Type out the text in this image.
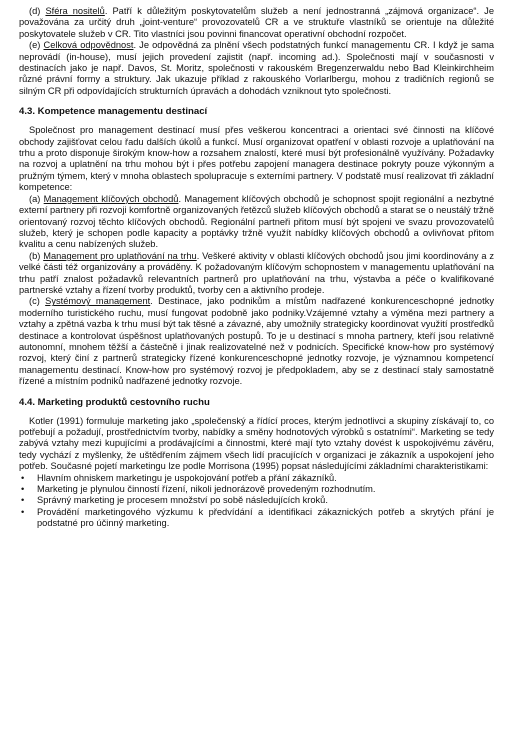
(d) Sféra nositelů. Patří k důležitým poskytovatelům služeb a není jednostranná „zájmová organizace“. Je považována za určitý druh „joint-venture“ provozovatelů CR a ve struktuře vlastníků se orientuje na důležité poskytovatele služeb v CR. Tito vlastníci jsou povinni financovat operativní obchodní rozpočet.

(e) Celková odpovědnost. Je odpovědná za plnění všech podstatných funkcí managementu CR. I když je sama neprovádí (in-house), musí jejich provedení zajistit (např. incoming ad.). Společnosti mají v současnosti v destinacích jako je např. Davos, St. Moritz, společnosti v rakouském Bregenzerwaldu nebo Bad Kleinkirchheim různé právní formy a struktury. Jak ukazuje příklad z rakouského Vorlarlbergu, mohou z tradičních regionů se silným CR při odpovídajících strukturních úpravách a dohodách vzniknout tyto společnosti.

4.3. Kompetence managementu destinací

Společnost pro management destinací musí přes veškerou koncentraci a orientaci své činnosti na klíčové obchody zajišťovat celou řadu dalších úkolů a funkcí. Musí organizovat opatření v oblasti rozvoje a uplatňování na trhu a proto disponuje širokým know-how a rozsahem znalostí, které musí být profesionálně využívány. Požadavky na rozvoj a uplatnění na trhu mohou být i přes potřebu zapojení managera destinace pokryty pouze výkonným a pružným týmem, který v mnoha oblastech spolupracuje s externími partnery. V podstatě musí realizovat tři základní kompetence:

(a) Management klíčových obchodů. Management klíčových obchodů je schopnost spojit regionální a nezbytné externí partnery při rozvoji komfortně organizovaných řetězců služeb klíčových obchodů a starat se o neustálý tržně orientovaný rozvoj těchto klíčových obchodů. Regionální partneři přitom musí být spojeni ve svazu provozovatelů služeb, který je schopen podle kapacity a poptávky tržně využít nabídky klíčových obchodů a ovlivňovat přitom kvalitu a cenu nabízených služeb.

(b) Management pro uplatňování na trhu. Veškeré aktivity v oblasti klíčových obchodů jsou jimi koordinovány a z velké části též organizovány a prováděny. K požadovaným klíčovým schopnostem v managementu uplatňování na trhu patří znalost požadavků relevantních partnerů pro uplatňování na trhu, výstavba a péče o kvalifikované partnerské vztahy a řízení tvorby produktů, tvorby cen a aktivního prodeje.

(c) Systémový management. Destinace, jako podnikům a místům nadřazené konkurenceschopné jednotky moderního turistického ruchu, musí fungovat podobně jako podniky.Vzájemné vztahy a výměna mezi partnery a vztahy a zpětná vazba k trhu musí být tak těsné a závazné, aby umožnily strategicky koordinovat využití prostředků destinace a kontrolovat úspěšnost uplatňovaných postupů. To je u destinací s mnoha partnery, kteří jsou relativně autonomní, mnohem těžší a částečně i jinak realizovatelné než v podnicích. Specifické know-how pro systémový rozvoj, který činí z partnerů strategicky řízené konkurenceschopné jednotky rozvoje, je významnou kompetencí managementu destinací. Know-how pro systémový rozvoj je předpokladem, aby se z destinací staly samostatně řízené a místním podniků nadřazené jednotky rozvoje.

4.4. Marketing produktů cestovního ruchu

Kotler (1991) formuluje marketing jako „společenský a řídící proces, kterým jednotlivci a skupiny získávají to, co potřebují a požadují, prostřednictvím tvorby, nabídky a směny hodnotových výrobků s ostatními“. Marketing se tedy zabývá vztahy mezi kupujícími a prodávajícími a činnostmi, které mají tyto vztahy dovést k uspokojivému závěru, tedy vychází z myšlenky, že uštědřením zájmem všech lidí pracujících v organizaci je zákazník a uspokojení jeho potřeb. Současné pojetí marketingu lze podle Morrisona (1995) popsat následujícími základními charakteristikami:

• Hlavním ohniskem marketingu je uspokojování potřeb a přání zákazníků.
• Marketing je plynulou činností řízení, nikoli jednorázově provedeným rozhodnutím.
• Správný marketing je procesem množství po sobě následujících kroků.
• Provádění marketingového výzkumu k předvídání a identifikaci zákaznických potřeb a skrytých přání je podstatné pro účinný marketing.
